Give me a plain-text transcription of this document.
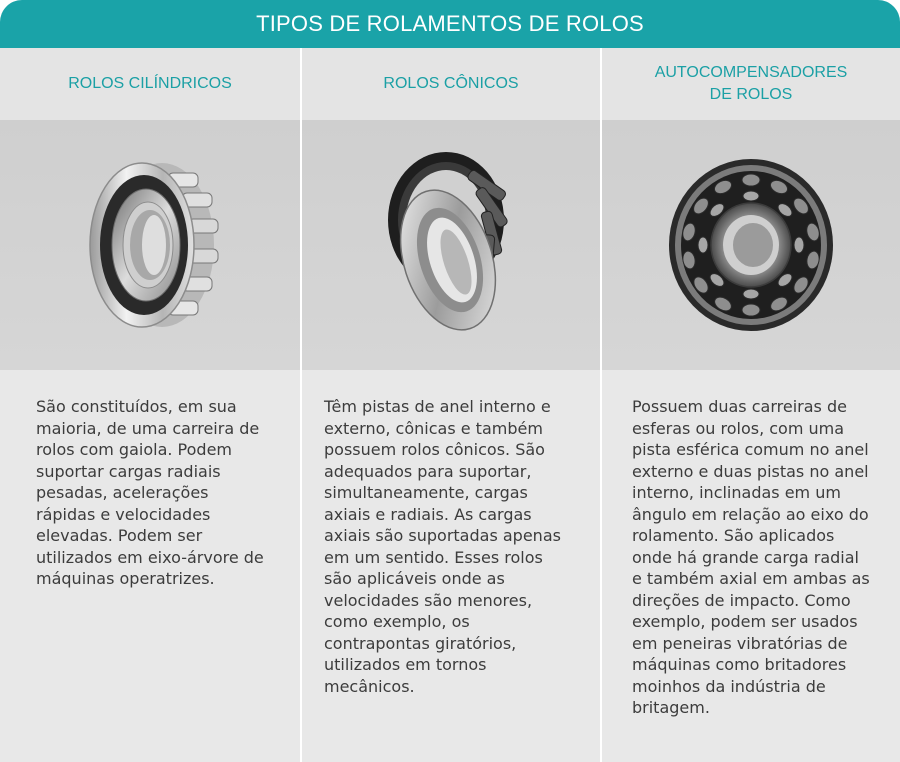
TIPOS DE ROLAMENTOS DE ROLOS
ROLOS CILÍNDRICOS
São constituídos, em sua maioria, de uma carreira de rolos com gaiola. Podem suportar cargas radiais pesadas, acelerações rápidas e velocidades elevadas. Podem ser utilizados em eixo-árvore de máquinas operatrizes.
ROLOS CÔNICOS
Têm pistas de anel interno e externo, cônicas e também possuem rolos cônicos. São adequados para suportar, simultaneamente, cargas axiais e radiais. As cargas axiais são suportadas apenas em um sentido. Esses rolos são aplicáveis onde as velocidades são menores, como exemplo, os contrapontas giratórios, utilizados em tornos mecânicos.
AUTOCOMPENSADORES
DE ROLOS
Possuem duas carreiras de esferas ou rolos, com uma pista esférica comum no anel externo e duas pistas no anel interno, inclinadas em um ângulo em relação ao eixo do rolamento. São aplicados onde há grande carga radial e também axial em ambas as direções de impacto. Como exemplo, podem ser usados em peneiras vibratórias de máquinas como britadores moinhos da indústria de britagem.
